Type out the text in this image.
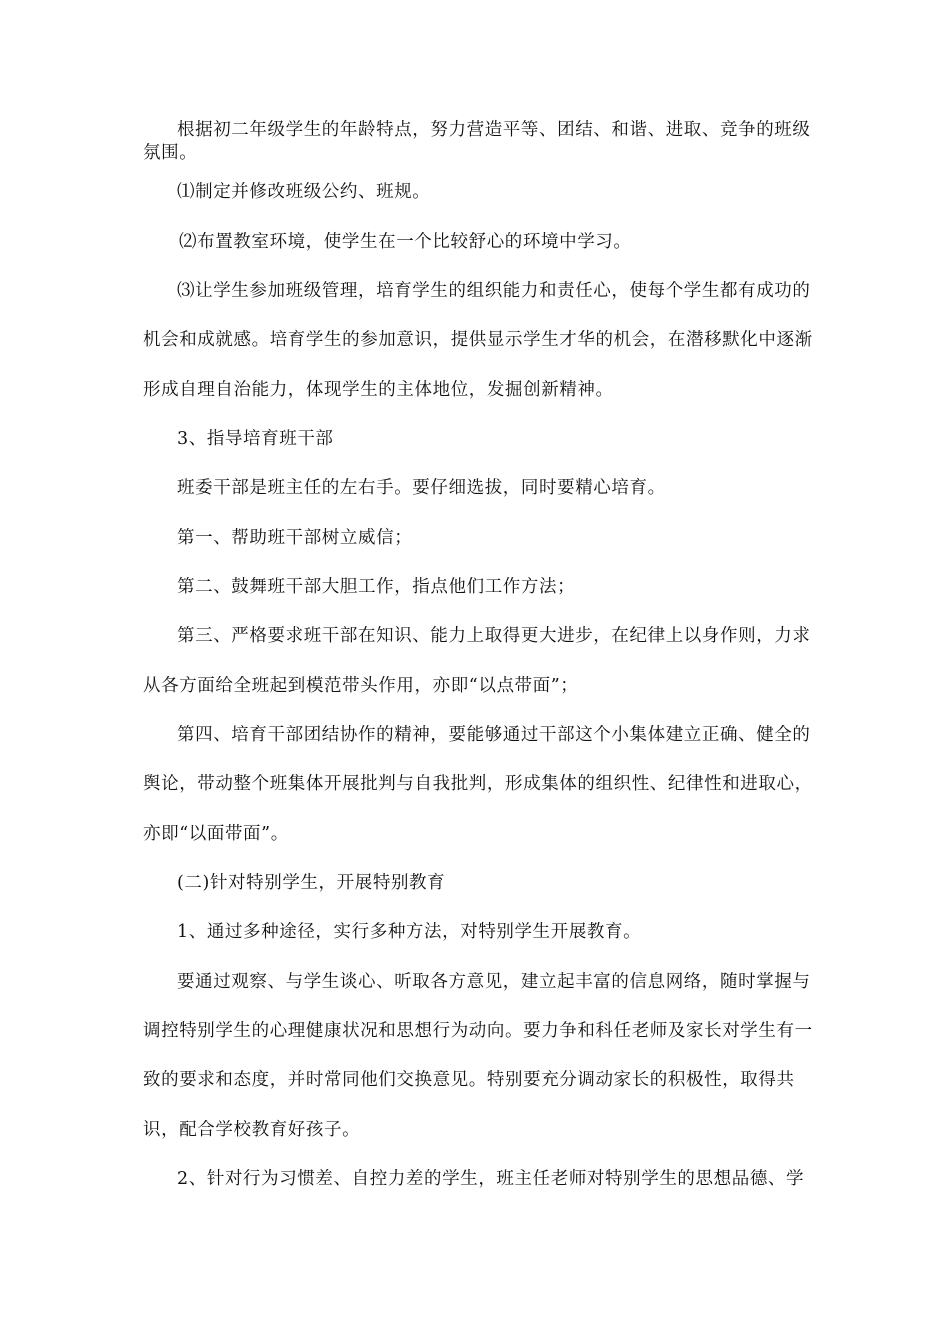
根据初二年级学生的年龄特点，努力营造平等、团结、和谐、进取、竞争的班级
氛围。
⑴制定并修改班级公约、班规。
⑵布置教室环境，使学生在一个比较舒心的环境中学习。
⑶让学生参加班级管理，培育学生的组织能力和责任心，使每个学生都有成功的
机会和成就感。培育学生的参加意识，提供显示学生才华的机会，在潜移默化中逐渐
形成自理自治能力，体现学生的主体地位，发掘创新精神。
3、指导培育班干部
班委干部是班主任的左右手。要仔细选拔，同时要精心培育。
第一、帮助班干部树立威信；
第二、鼓舞班干部大胆工作，指点他们工作方法；
第三、严格要求班干部在知识、能力上取得更大进步，在纪律上以身作则，力求
从各方面给全班起到模范带头作用，亦即“以点带面”；
第四、培育干部团结协作的精神，要能够通过干部这个小集体建立正确、健全的
舆论，带动整个班集体开展批判与自我批判，形成集体的组织性、纪律性和进取心，
亦即“以面带面”。
(二)针对特别学生，开展特别教育
1、通过多种途径，实行多种方法，对特别学生开展教育。
要通过观察、与学生谈心、听取各方意见，建立起丰富的信息网络，随时掌握与
调控特别学生的心理健康状况和思想行为动向。要力争和科任老师及家长对学生有一
致的要求和态度，并时常同他们交换意见。特别要充分调动家长的积极性，取得共
识，配合学校教育好孩子。
2、针对行为习惯差、自控力差的学生，班主任老师对特别学生的思想品德、学
